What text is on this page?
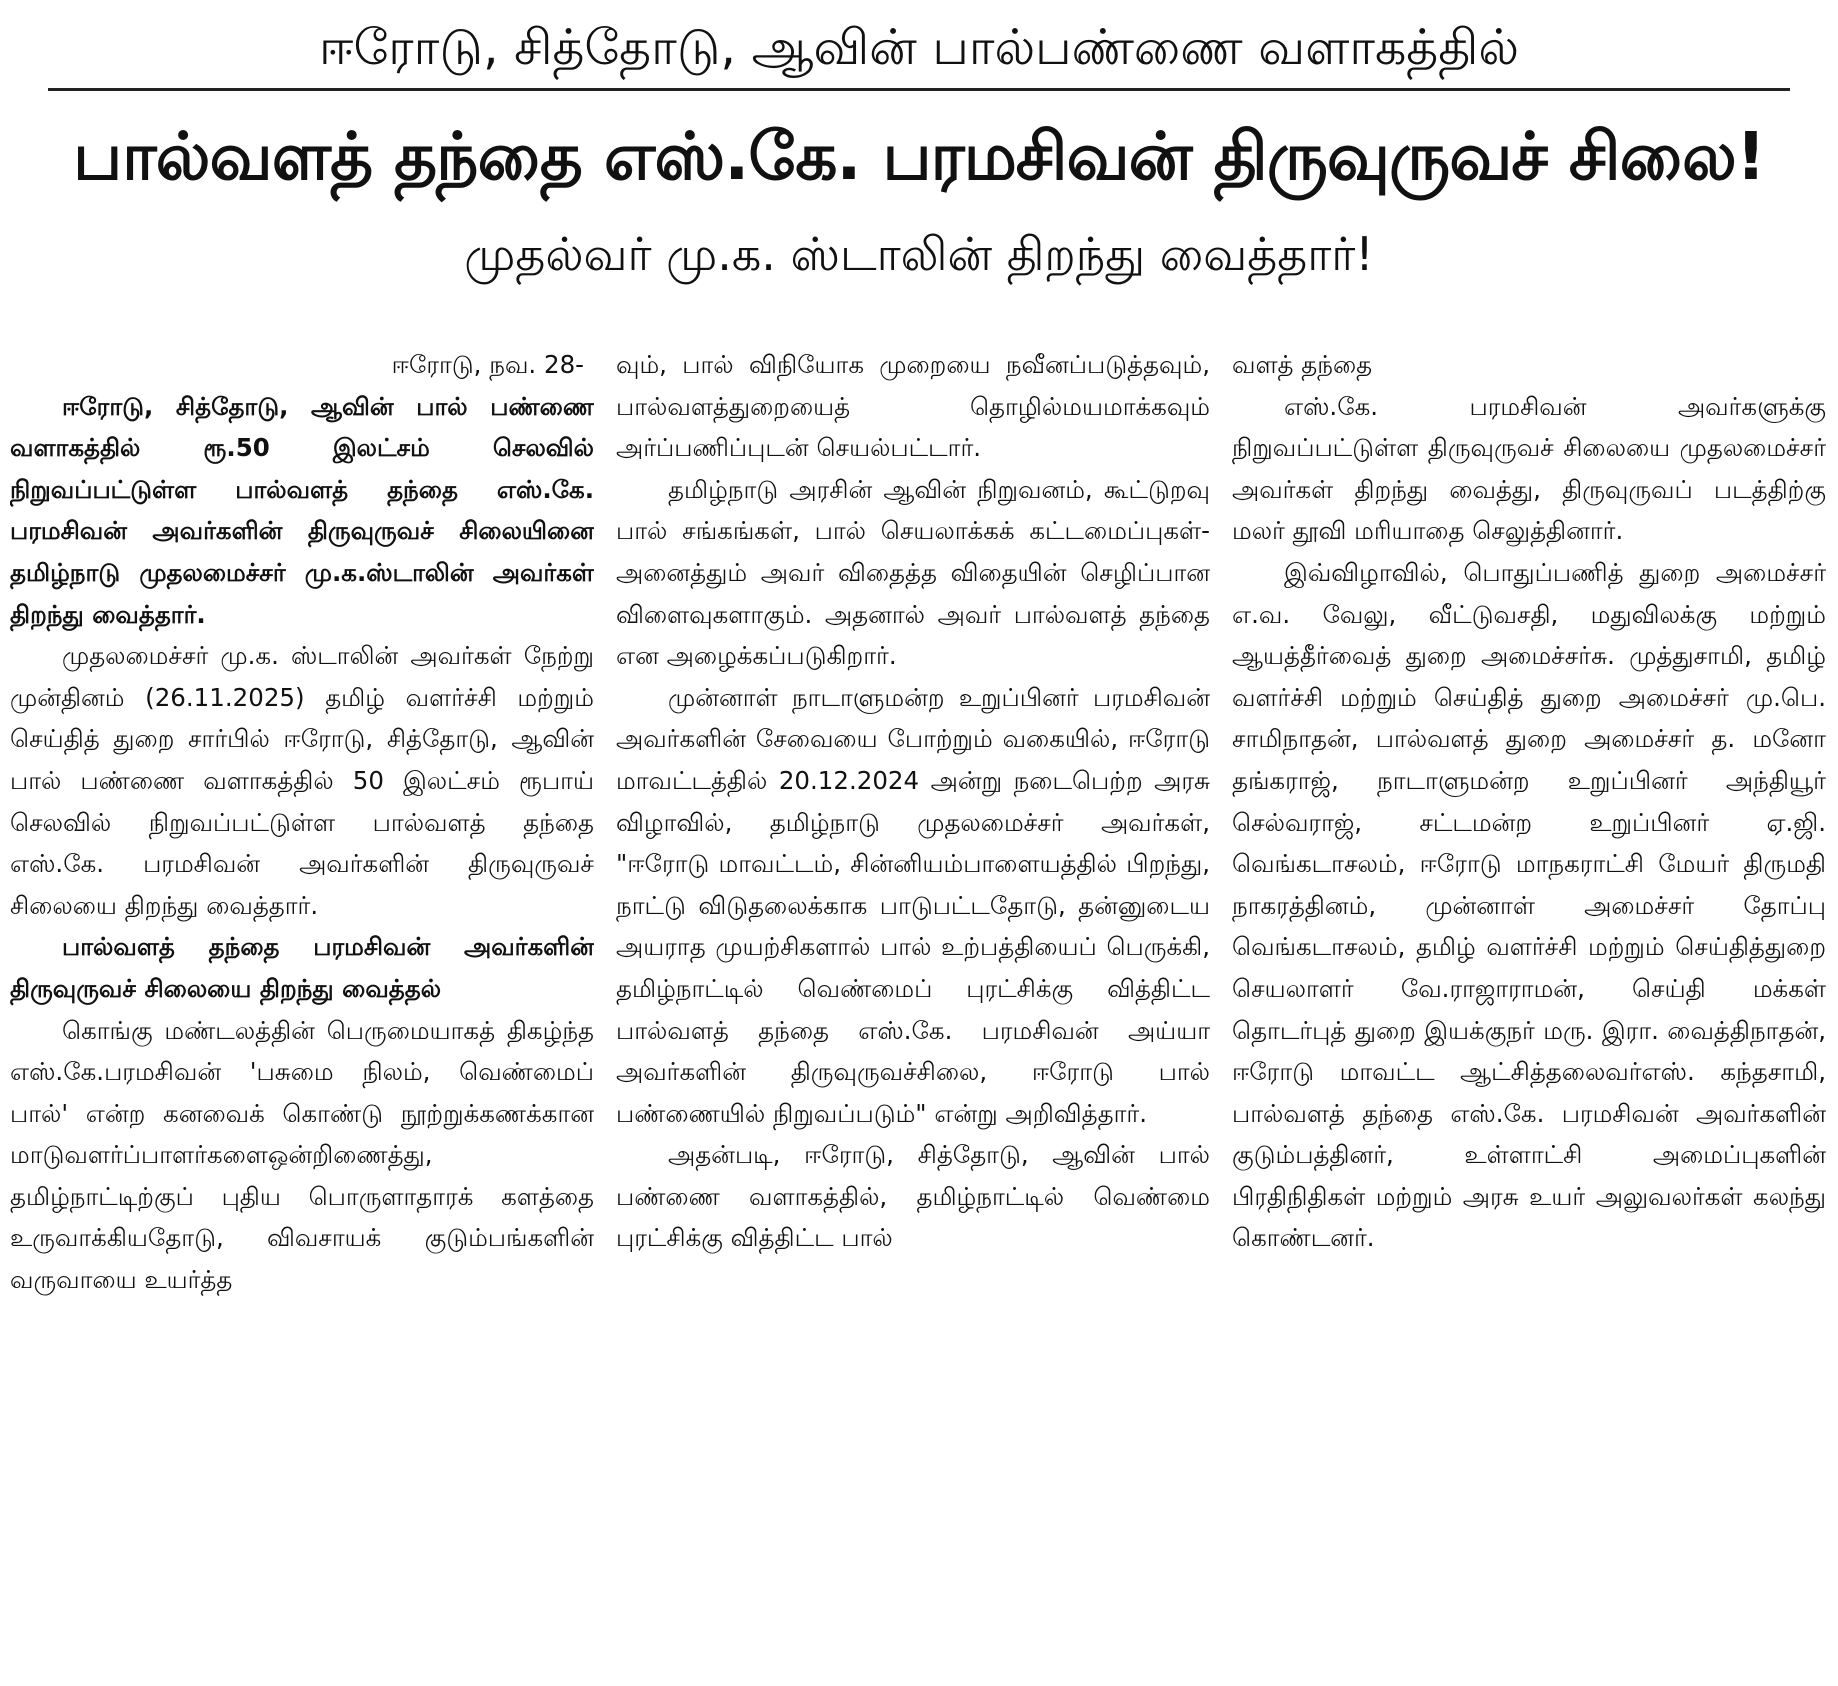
ஈரோடு, சித்தோடு, ஆவின் பால்பண்ணை வளாகத்தில்
பால்வளத் தந்தை எஸ்.கே. பரமசிவன் திருவுருவச் சிலை!
முதல்வர் மு.க. ஸ்டாலின் திறந்து வைத்தார்!

ஈரோடு, நவ. 28-

ஈரோடு, சித்தோடு, ஆவின் பால் பண்ணை வளாகத்தில் ரூ.50 இலட்சம் செலவில் நிறுவப்பட்டுள்ள பால்வளத் தந்தை எஸ்.கே. பரமசிவன் அவர்களின் திருவுருவச் சிலையினை தமிழ்நாடு முதலமைச்சர் மு.க.ஸ்டாலின் அவர்கள் திறந்து வைத்தார்.

முதலமைச்சர் மு.க. ஸ்டாலின் அவர்கள் நேற்று முன்தினம் (26.11.2025) தமிழ் வளர்ச்சி மற்றும் செய்தித் துறை சார்பில் ஈரோடு, சித்தோடு, ஆவின் பால் பண்ணை வளாகத்தில் 50 இலட்சம் ரூபாய் செலவில் நிறுவப்பட்டுள்ள பால்வளத் தந்தை எஸ்.கே. பரமசிவன் அவர்களின் திருவுருவச் சிலையை திறந்து வைத்தார்.

பால்வளத் தந்தை பரமசிவன் அவர்களின் திருவுருவச் சிலையை திறந்து வைத்தல்

கொங்கு மண்டலத்தின் பெருமையாகத் திகழ்ந்த எஸ்.கே.பரமசிவன் 'பசுமை நிலம், வெண்மைப் பால்' என்ற கனவைக் கொண்டு நூற்றுக்கணக்கான மாடுவளர்ப்பாளர்களைஒன்றிணைத்து, தமிழ்நாட்டிற்குப் புதிய பொருளாதாரக் களத்தை உருவாக்கியதோடு, விவசாயக் குடும்பங்களின் வருவாயை உயர்த்த

வும், பால் விநியோக முறையை நவீனப்படுத்தவும், பால்வளத்துறையைத் தொழில்மயமாக்கவும் அர்ப்பணிப்புடன் செயல்பட்டார்.

தமிழ்நாடு அரசின் ஆவின் நிறுவனம், கூட்டுறவு பால் சங்கங்கள், பால் செயலாக்கக் கட்டமைப்புகள்-அனைத்தும் அவர் விதைத்த விதையின் செழிப்பான விளைவுகளாகும். அதனால் அவர் பால்வளத் தந்தை என அழைக்கப்படுகிறார்.

முன்னாள் நாடாளுமன்ற உறுப்பினர் பரமசிவன் அவர்களின் சேவையை போற்றும் வகையில், ஈரோடு மாவட்டத்தில் 20.12.2024 அன்று நடைபெற்ற அரசு விழாவில், தமிழ்நாடு முதலமைச்சர் அவர்கள், "ஈரோடு மாவட்டம், சின்னியம்பாளையத்தில் பிறந்து, நாட்டு விடுதலைக்காக பாடுபட்டதோடு, தன்னுடைய அயராத முயற்சிகளால் பால் உற்பத்தியைப் பெருக்கி, தமிழ்நாட்டில் வெண்மைப் புரட்சிக்கு வித்திட்ட பால்வளத் தந்தை எஸ்.கே. பரமசிவன் அய்யா அவர்களின் திருவுருவச்சிலை, ஈரோடு பால் பண்ணையில் நிறுவப்படும்" என்று அறிவித்தார்.

அதன்படி, ஈரோடு, சித்தோடு, ஆவின் பால் பண்ணை வளாகத்தில், தமிழ்நாட்டில் வெண்மை புரட்சிக்கு வித்திட்ட பால்

வளத் தந்தை

எஸ்.கே. பரமசிவன் அவர்களுக்கு நிறுவப்பட்டுள்ள திருவுருவச் சிலையை முதலமைச்சர் அவர்கள் திறந்து வைத்து, திருவுருவப் படத்திற்கு மலர் தூவி மரியாதை செலுத்தினார்.

இவ்விழாவில், பொதுப்பணித் துறை அமைச்சர் எ.வ. வேலு, வீட்டுவசதி, மதுவிலக்கு மற்றும் ஆயத்தீர்வைத் துறை அமைச்சர்சு. முத்துசாமி, தமிழ் வளர்ச்சி மற்றும் செய்தித் துறை அமைச்சர் மு.பெ. சாமிநாதன், பால்வளத் துறை அமைச்சர் த. மனோ தங்கராஜ், நாடாளுமன்ற உறுப்பினர் அந்தியூர் செல்வராஜ், சட்டமன்ற உறுப்பினர் ஏ.ஜி. வெங்கடாசலம், ஈரோடு மாநகராட்சி மேயர் திருமதி நாகரத்தினம், முன்னாள் அமைச்சர் தோப்பு வெங்கடாசலம், தமிழ் வளர்ச்சி மற்றும் செய்தித்துறை செயலாளர் வே.ராஜாராமன், செய்தி மக்கள் தொடர்புத் துறை இயக்குநர் மரு. இரா. வைத்திநாதன், ஈரோடு மாவட்ட ஆட்சித்தலைவர்எஸ். கந்தசாமி, பால்வளத் தந்தை எஸ்.கே. பரமசிவன் அவர்களின் குடும்பத்தினர், உள்ளாட்சி அமைப்புகளின் பிரதிநிதிகள் மற்றும் அரசு உயர் அலுவலர்கள் கலந்து கொண்டனர்.
